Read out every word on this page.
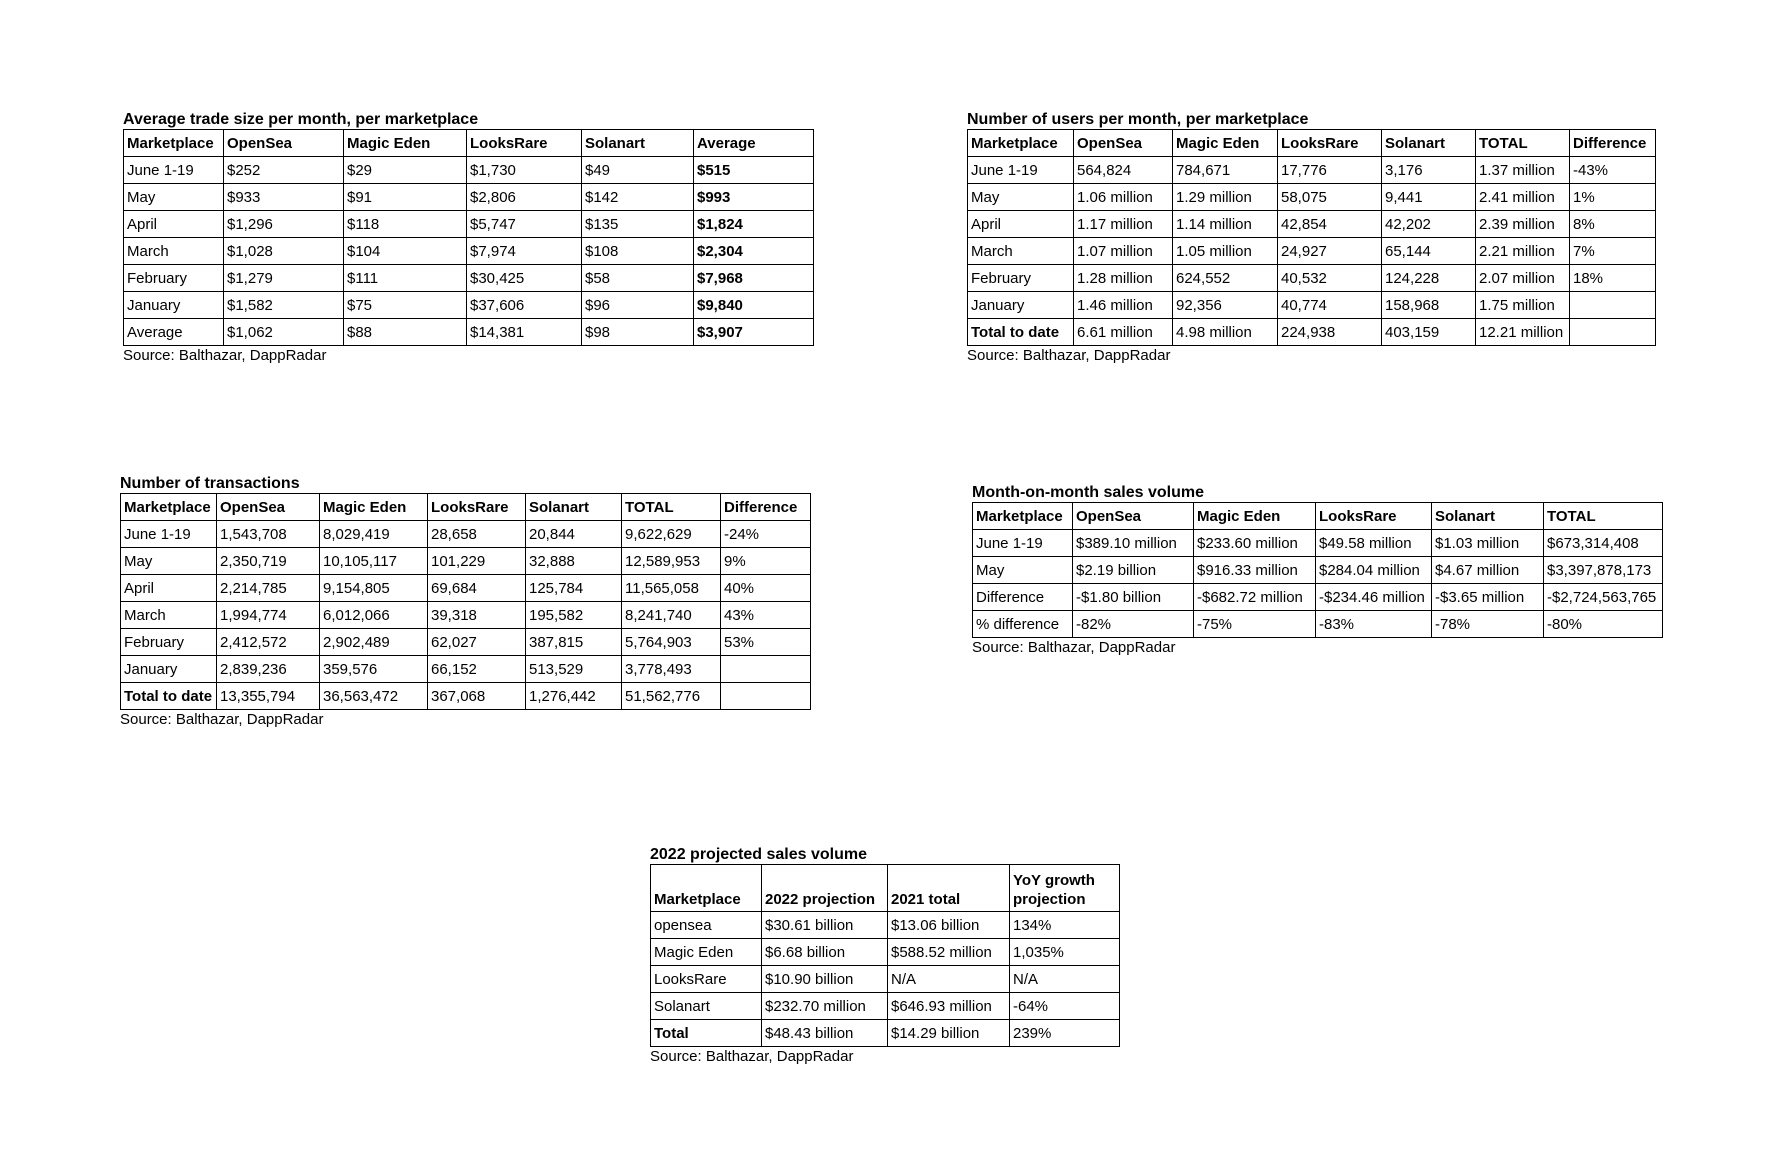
Average trade size per month, per marketplace
Marketplace	OpenSea	Magic Eden	LooksRare	Solanart	Average
June 1-19	$252	$29	$1,730	$49	$515
May	$933	$91	$2,806	$142	$993
April	$1,296	$118	$5,747	$135	$1,824
March	$1,028	$104	$7,974	$108	$2,304
February	$1,279	$111	$30,425	$58	$7,968
January	$1,582	$75	$37,606	$96	$9,840
Average	$1,062	$88	$14,381	$98	$3,907
Source: Balthazar, DappRadar
Number of users per month, per marketplace
Marketplace	OpenSea	Magic Eden	LooksRare	Solanart	TOTAL	Difference
June 1-19	564,824	784,671	17,776	3,176	1.37 million	-43%
May	1.06 million	1.29 million	58,075	9,441	2.41 million	1%
April	1.17 million	1.14 million	42,854	42,202	2.39 million	8%
March	1.07 million	1.05 million	24,927	65,144	2.21 million	7%
February	1.28 million	624,552	40,532	124,228	2.07 million	18%
January	1.46 million	92,356	40,774	158,968	1.75 million	
Total to date	6.61 million	4.98 million	224,938	403,159	12.21 million	
Source: Balthazar, DappRadar
Number of transactions
Marketplace	OpenSea	Magic Eden	LooksRare	Solanart	TOTAL	Difference
June 1-19	1,543,708	8,029,419	28,658	20,844	9,622,629	-24%
May	2,350,719	10,105,117	101,229	32,888	12,589,953	9%
April	2,214,785	9,154,805	69,684	125,784	11,565,058	40%
March	1,994,774	6,012,066	39,318	195,582	8,241,740	43%
February	2,412,572	2,902,489	62,027	387,815	5,764,903	53%
January	2,839,236	359,576	66,152	513,529	3,778,493	
Total to date	13,355,794	36,563,472	367,068	1,276,442	51,562,776	
Source: Balthazar, DappRadar
Month-on-month sales volume
Marketplace	OpenSea	Magic Eden	LooksRare	Solanart	TOTAL
June 1-19	$389.10 million	$233.60 million	$49.58 million	$1.03 million	$673,314,408
May	$2.19 billion	$916.33 million	$284.04 million	$4.67 million	$3,397,878,173
Difference	-$1.80 billion	-$682.72 million	-$234.46 million	-$3.65 million	-$2,724,563,765
% difference	-82%	-75%	-83%	-78%	-80%
Source: Balthazar, DappRadar
2022 projected sales volume
Marketplace	2022 projection	2021 total	YoY growth projection
opensea	$30.61 billion	$13.06 billion	134%
Magic Eden	$6.68 billion	$588.52 million	1,035%
LooksRare	$10.90 billion	N/A	N/A
Solanart	$232.70 million	$646.93 million	-64%
Total	$48.43 billion	$14.29 billion	239%
Source: Balthazar, DappRadar
